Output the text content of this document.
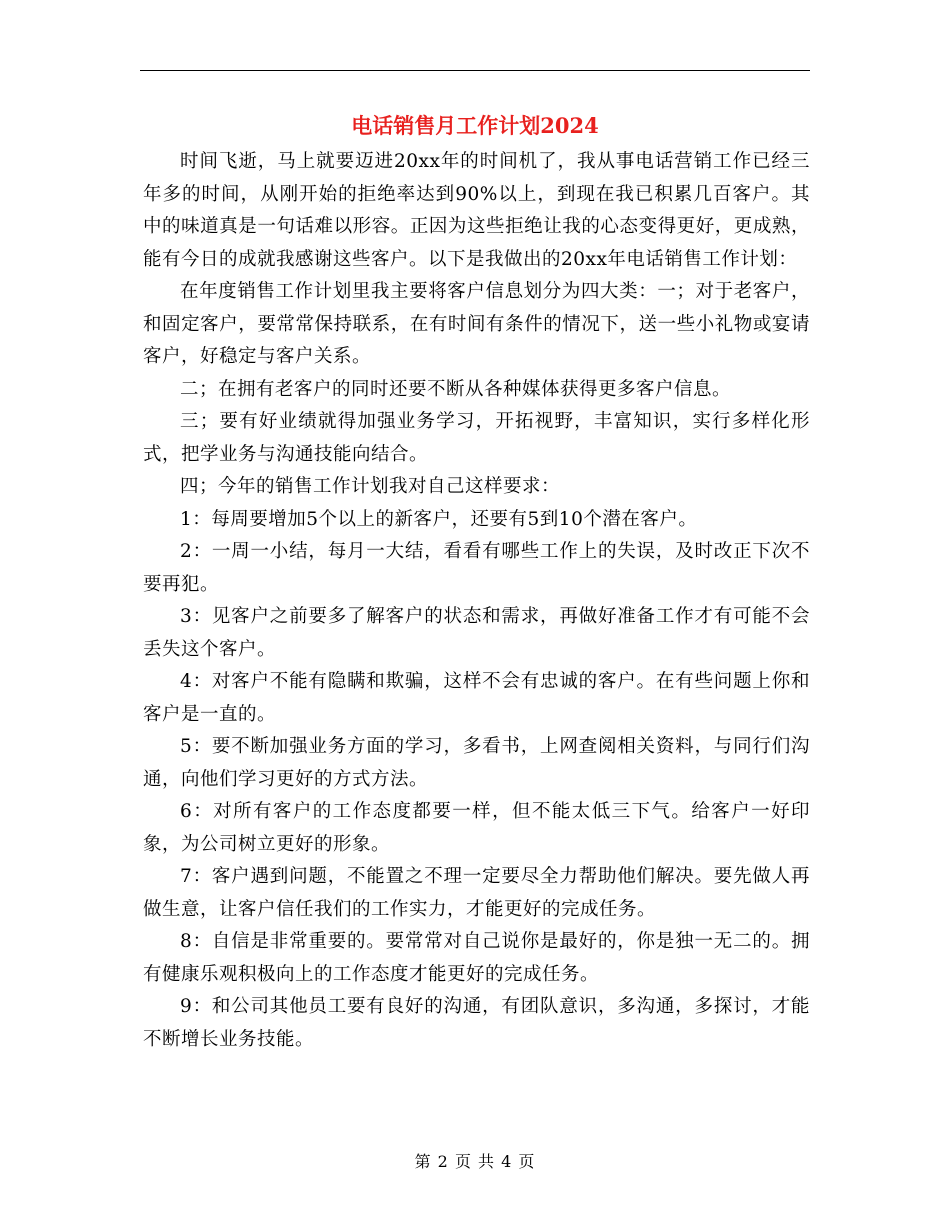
电话销售月工作计划2024

时间飞逝，马上就要迈进20xx年的时间机了，我从事电话营销工作已经三年多的时间，从刚开始的拒绝率达到90%以上，到现在我已积累几百客户。其中的味道真是一句话难以形容。正因为这些拒绝让我的心态变得更好，更成熟，能有今日的成就我感谢这些客户。以下是我做出的20xx年电话销售工作计划：

在年度销售工作计划里我主要将客户信息划分为四大类：一；对于老客户，和固定客户，要常常保持联系，在有时间有条件的情况下，送一些小礼物或宴请客户，好稳定与客户关系。

二；在拥有老客户的同时还要不断从各种媒体获得更多客户信息。

三；要有好业绩就得加强业务学习，开拓视野，丰富知识，实行多样化形式，把学业务与沟通技能向结合。

四；今年的销售工作计划我对自己这样要求：

1：每周要增加5个以上的新客户，还要有5到10个潜在客户。

2：一周一小结，每月一大结，看看有哪些工作上的失误，及时改正下次不要再犯。

3：见客户之前要多了解客户的状态和需求，再做好准备工作才有可能不会丢失这个客户。

4：对客户不能有隐瞒和欺骗，这样不会有忠诚的客户。在有些问题上你和客户是一直的。

5：要不断加强业务方面的学习，多看书，上网查阅相关资料，与同行们沟通，向他们学习更好的方式方法。

6：对所有客户的工作态度都要一样，但不能太低三下气。给客户一好印象，为公司树立更好的形象。

7：客户遇到问题，不能置之不理一定要尽全力帮助他们解决。要先做人再做生意，让客户信任我们的工作实力，才能更好的完成任务。

8：自信是非常重要的。要常常对自己说你是最好的，你是独一无二的。拥有健康乐观积极向上的工作态度才能更好的完成任务。

9：和公司其他员工要有良好的沟通，有团队意识，多沟通，多探讨，才能不断增长业务技能。

第 2 页 共 4 页
